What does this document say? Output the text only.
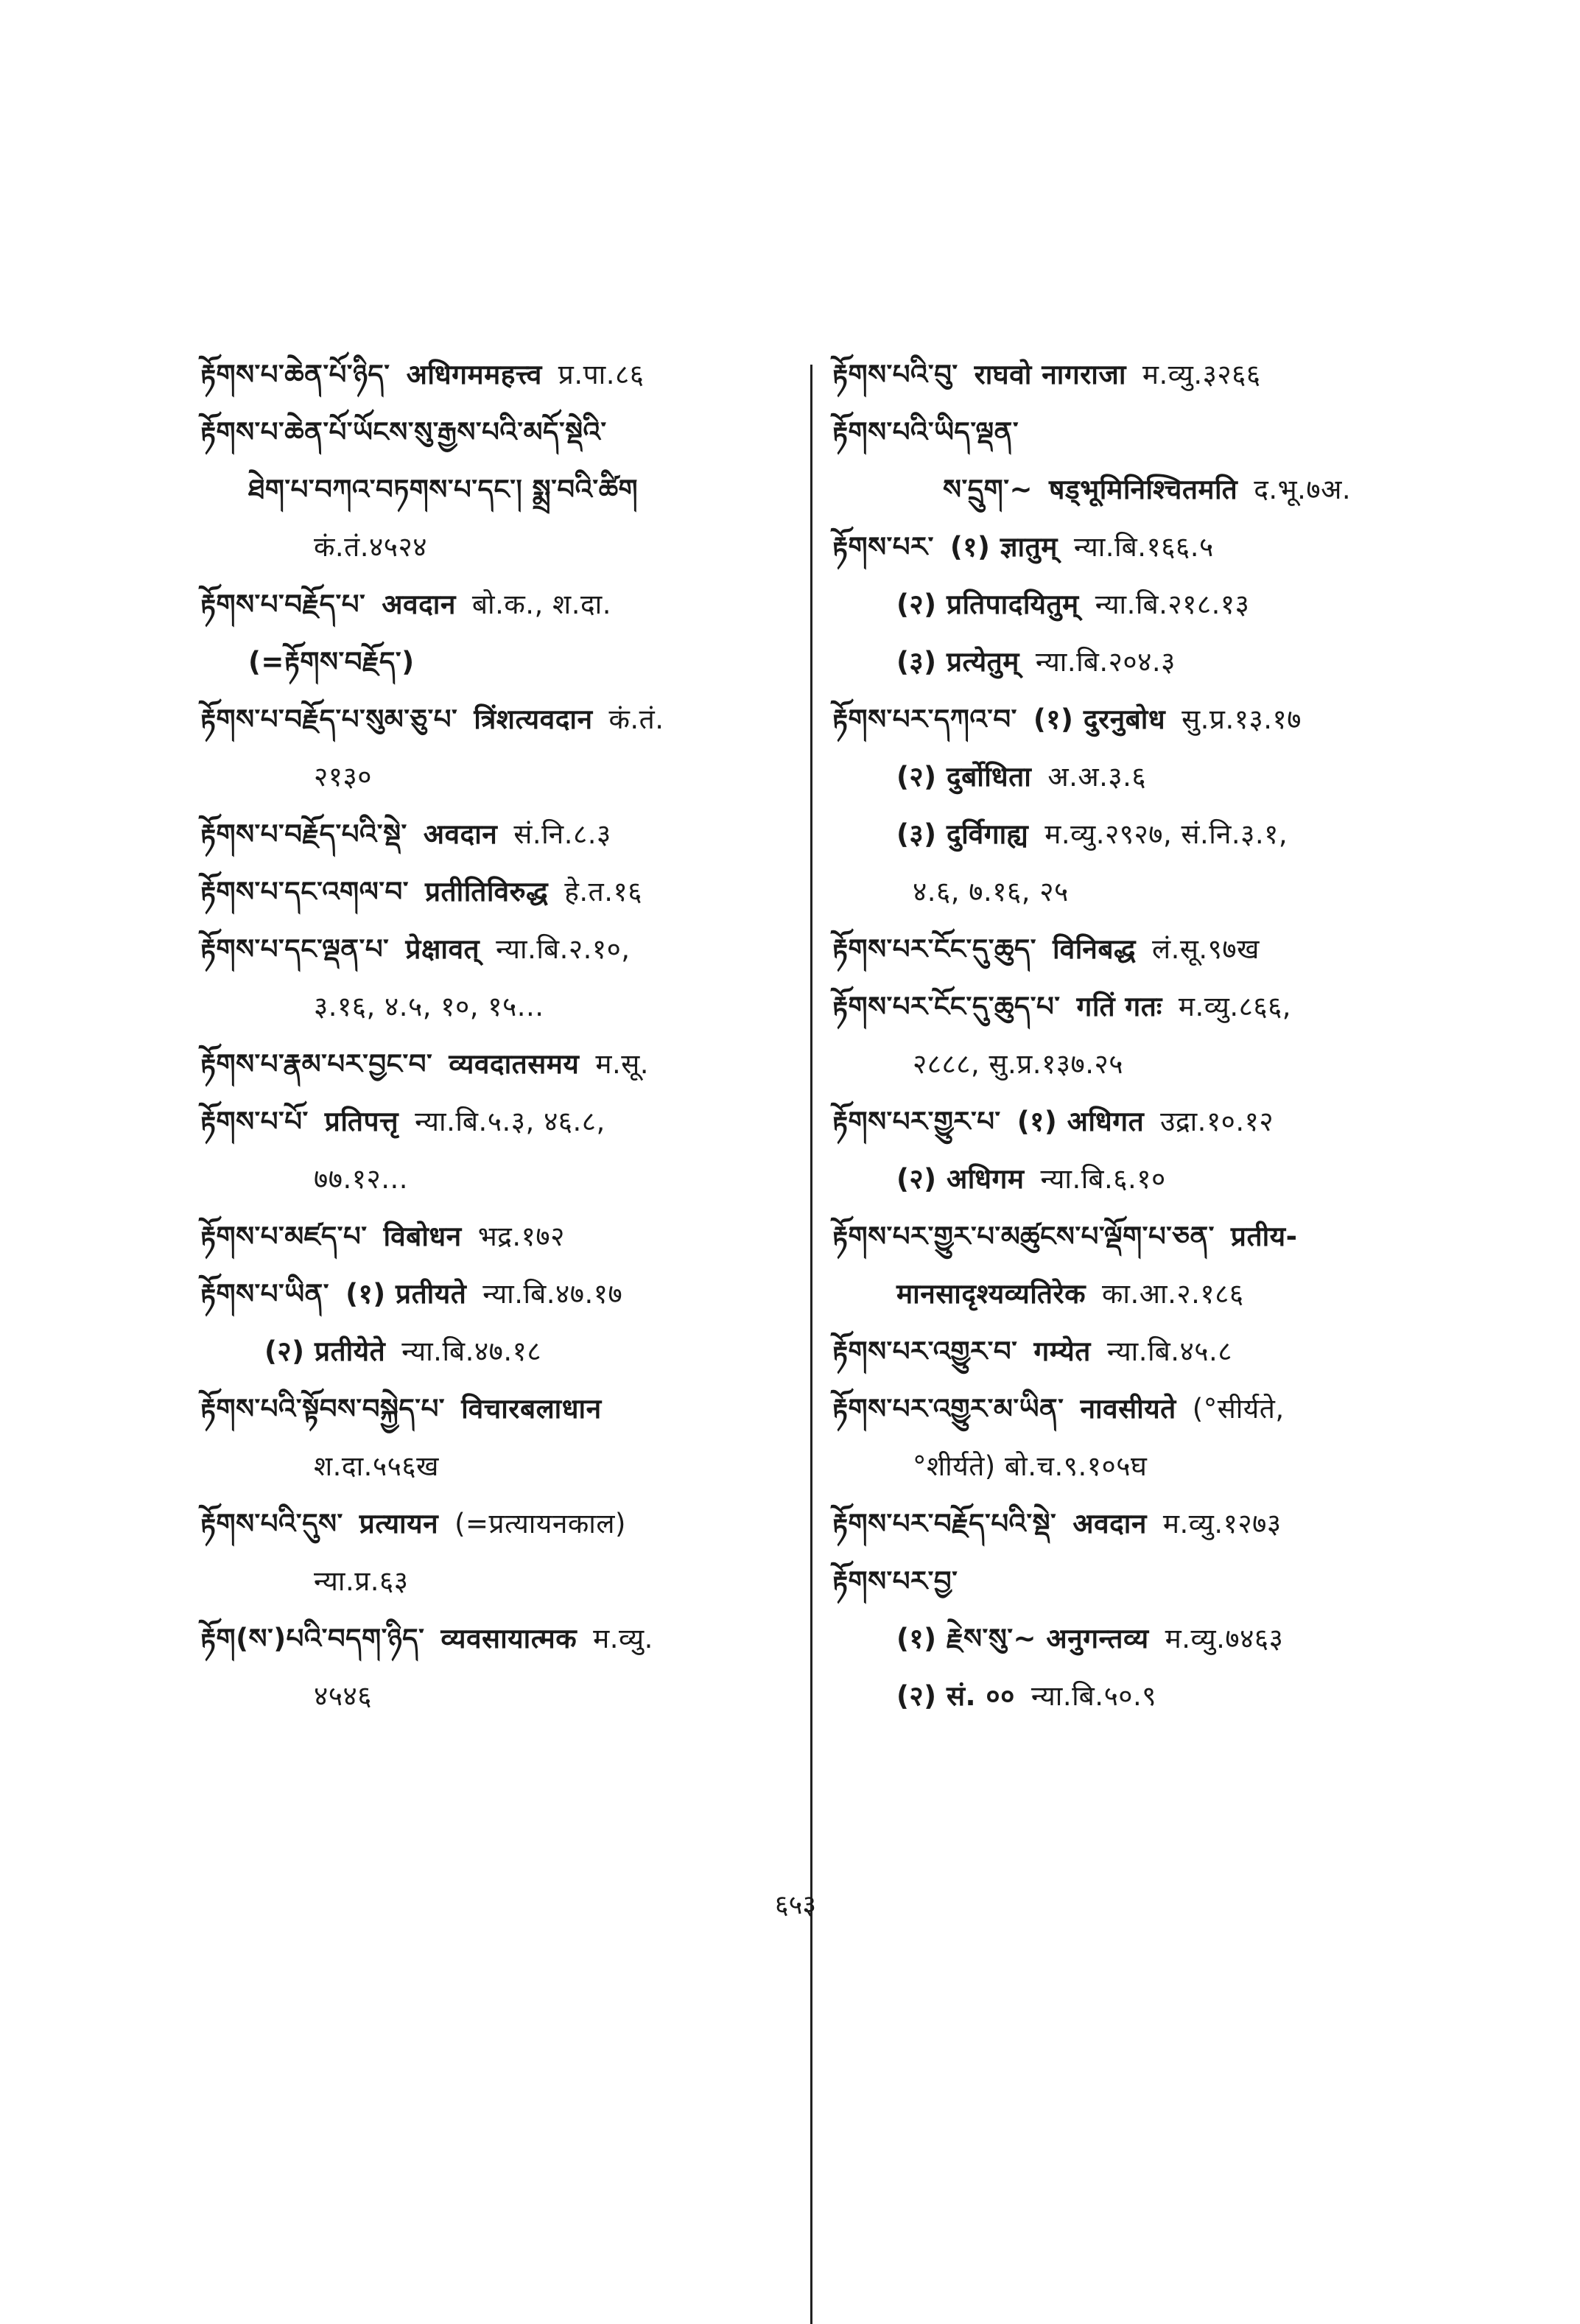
རྟོགས་པ་ཆེན་པོ་ཉིད་ अधिगममहत्त्व प्र.पा.८६
རྟོགས་པ་ཆེན་པོ་ཡོངས་སུ་རྒྱས་པའི་མདོ་སྡེའི་
ཐེག་པ་བཀའ་བཏགས་པ་དང་། སྨྲ་བའི་ཚིག
कं.तं.४५२४
རྟོགས་པ་བརྗོད་པ་ अवदान बो.क., श.दा.
(=རྟོགས་བརྗོད་)
རྟོགས་པ་བརྗོད་པ་སུམ་ཅུ་པ་ त्रिंशत्यवदान कं.तं.
२१३०
རྟོགས་པ་བརྗོད་པའི་སྡེ་ अवदान सं.नि.८.३
རྟོགས་པ་དང་འགལ་བ་ प्रतीतिविरुद्ध हे.त.१६
རྟོགས་པ་དང་ལྡན་པ་ प्रेक्षावत् न्या.बि.२.१०,
३.१६, ४.५, १०, १५...
རྟོགས་པ་རྣམ་པར་བྱང་བ་ व्यवदातसमय म.सू.
རྟོགས་པ་པོ་ प्रतिपत्तृ न्या.बि.५.३, ४६.८,
७७.१२...
རྟོགས་པ་མཛད་པ་ विबोधन भद्र.१७२
རྟོགས་པ་ཡིན་ (१) प्रतीयते न्या.बि.४७.१७
(२) प्रतीयेते न्या.बि.४७.१८
རྟོགས་པའི་སྟོབས་བསྐྱེད་པ་ विचारबलाधान
श.दा.५५६ख
རྟོགས་པའི་དུས་ प्रत्यायन (=प्रत्यायनकाल)
न्या.प्र.६३
རྟོག(ས་)པའི་བདག་ཉིད་ व्यवसायात्मक म.व्यु.
४५४६
རྟོགས་པའི་བུ་ राघवो नागराजा म.व्यु.३२६६
རྟོགས་པའི་ཡིད་ལྡན་
ས་དྲུག་~ षड्भूमिनिश्चितमति द.भू.७अ.
རྟོགས་པར་ (१) ज्ञातुम् न्या.बि.१६६.५
(२) प्रतिपादयितुम् न्या.बि.२१८.१३
(३) प्रत्येतुम् न्या.बि.२०४.३
རྟོགས་པར་དཀའ་བ་ (१) दुरनुबोध सु.प्र.१३.१७
(२) दुर्बोधिता अ.अ.३.६
(३) दुर्विगाह्य म.व्यु.२९२७, सं.नि.३.१,
४.६, ७.१६, २५
རྟོགས་པར་ངོང་དུ་ཆུད་ विनिबद्ध लं.सू.९७ख
རྟོགས་པར་ངོང་དུ་ཆུད་པ་ गतिं गतः म.व्यु.८६६,
२८८८, सु.प्र.१३७.२५
རྟོགས་པར་གྱུར་པ་ (१) अधिगत उद्रा.१०.१२
(२) अधिगम न्या.बि.६.१०
རྟོགས་པར་གྱུར་པ་མཚུངས་པ་ལྡོག་པ་ཅན་ प्रतीय-
मानसादृश्यव्यतिरेक का.आ.२.१८६
རྟོགས་པར་འགྱུར་བ་ गम्येत न्या.बि.४५.८
རྟོགས་པར་འགྱུར་མ་ཡིན་ नावसीयते (°सीर्यते,
°शीर्यते) बो.च.९.१०५घ
རྟོགས་པར་བརྗོད་པའི་སྡེ་ अवदान म.व्यु.१२७३
རྟོགས་པར་བྱ་
(१) རྗེས་སུ་~ अनुगन्तव्य म.व्यु.७४६३
(२) सं. ०० न्या.बि.५०.९
६५३
